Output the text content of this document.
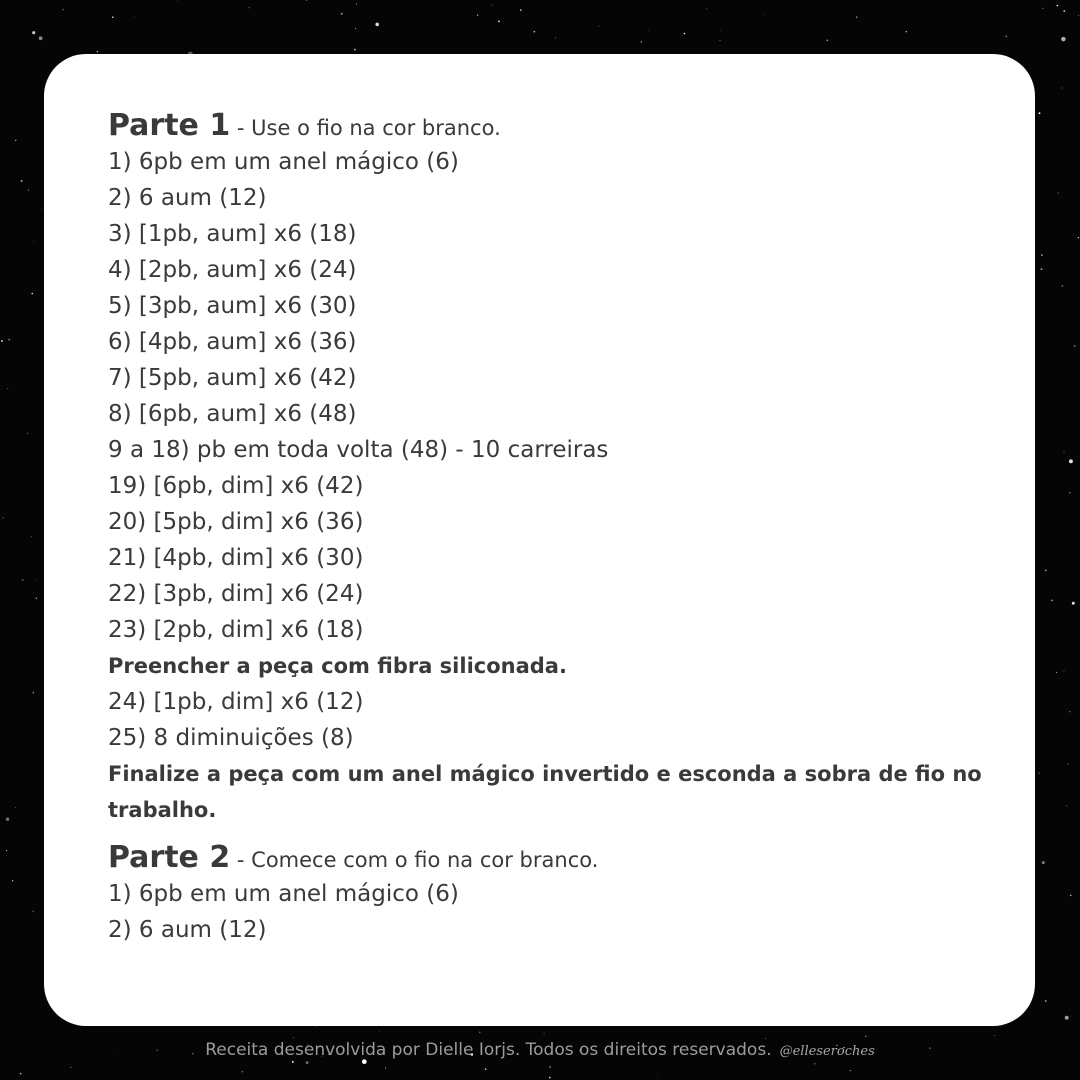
Parte 1 - Use o fio na cor branco.
1) 6pb em um anel mágico (6)
2) 6 aum (12)
3) [1pb, aum] x6 (18)
4) [2pb, aum] x6 (24)
5) [3pb, aum] x6 (30)
6) [4pb, aum] x6 (36)
7) [5pb, aum] x6 (42)
8) [6pb, aum] x6 (48)
9 a 18) pb em toda volta (48) - 10 carreiras
19) [6pb, dim] x6 (42)
20) [5pb, dim] x6 (36)
21) [4pb, dim] x6 (30)
22) [3pb, dim] x6 (24)
23) [2pb, dim] x6 (18)
Preencher a peça com fibra siliconada.
24) [1pb, dim] x6 (12)
25) 8 diminuições (8)
Finalize a peça com um anel mágico invertido e esconda a sobra de fio no trabalho.
Parte 2 - Comece com o fio na cor branco.
1) 6pb em um anel mágico (6)
2) 6 aum (12)
Receita desenvolvida por Dielle Iorjs. Todos os direitos reservados. @elleseroches
